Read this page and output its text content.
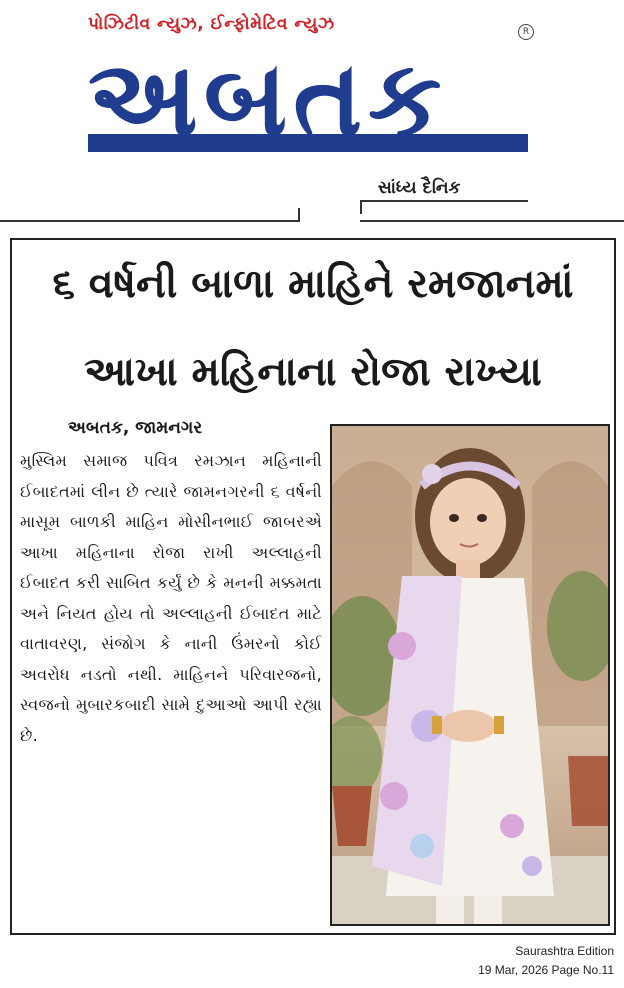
પોઝિટીવ ન્યુઝ, ઈન્ફોમેટિવ ન્યુઝ	R
અબતક
સાંધ્ય દૈનિક
૬ વર્ષની બાળા માહિને રમજાનમાં
આખા મહિનાના રોજા રાખ્યા
અબતક, જામનગર
મુસ્લિમ સમાજ પવિત્ર રમઝાન મહિનાની ઈબાદતમાં લીન છે ત્યારે જામનગરની ૬ વર્ષની માસૂમ બાળકી માહિન મોસીનભાઈ જાબરએ આખા મહિનાના રોજા રાખી અલ્લાહની ઈબાદત કરી સાબિત કર્યું છે કે મનની મક્કમતા અને નિયત હોય તો અલ્લાહની ઈબાદત માટે વાતાવરણ, સંજોગ કે નાની ઉંમરનો કોઈ અવરોધ નડતો નથી. માહિનને પરિવારજનો, સ્વજનો મુબારકબાદી સામે દુઆઓ આપી રહ્યા છે.
Saurashtra Edition
19 Mar, 2026 Page No.11
